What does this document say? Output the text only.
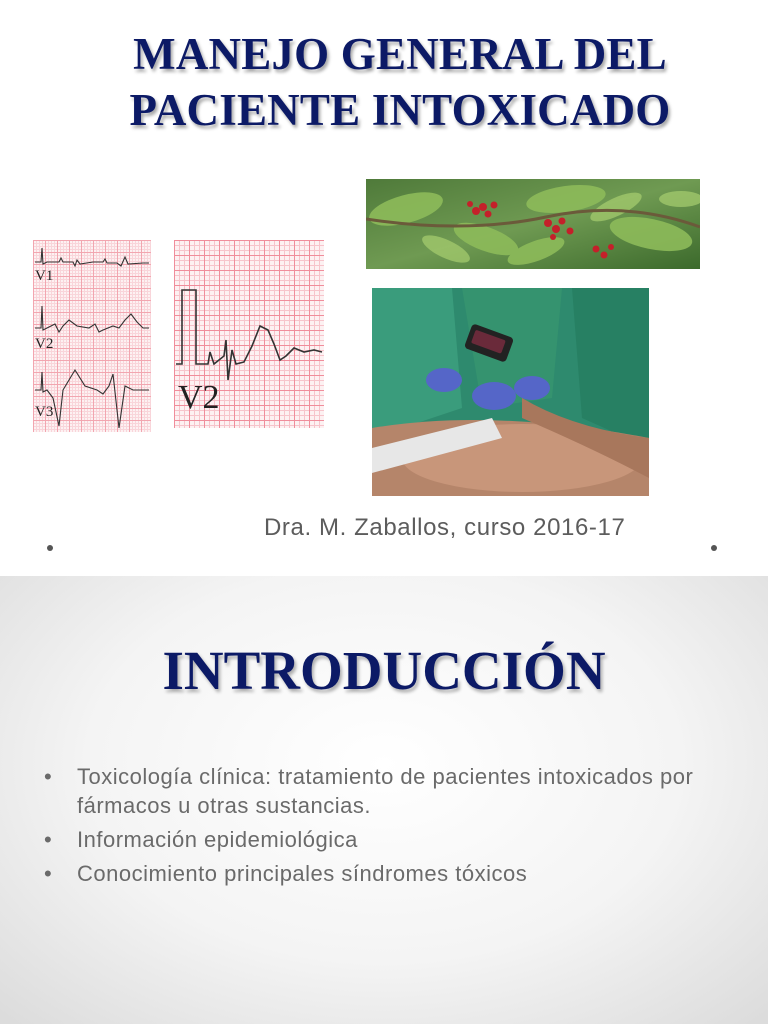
MANEJO GENERAL DEL
PACIENTE INTOXICADO
V1
V2
V3	V2
Dra. M. Zaballos, curso 2016-17
INTRODUCCIÓN
• Toxicología clínica: tratamiento de pacientes intoxicados por fármacos u otras sustancias.
• Información epidemiológica
• Conocimiento principales síndromes tóxicos
